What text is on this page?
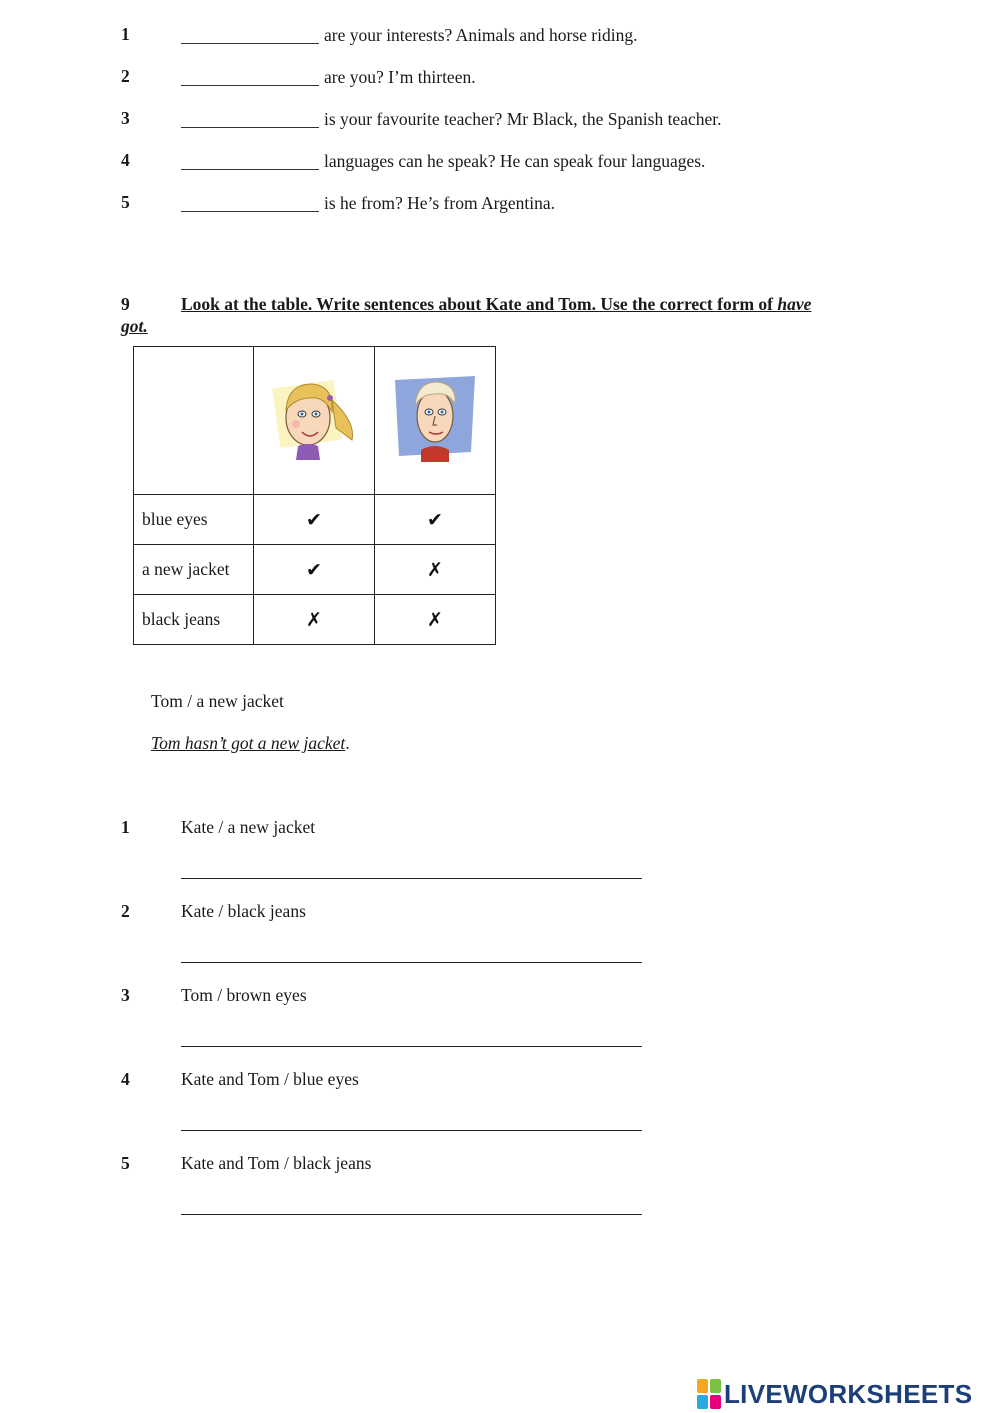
1	are your interests? Animals and horse riding.
2	are you? I’m thirteen.
3	is your favourite teacher? Mr Black, the Spanish teacher.
4	languages can he speak? He can speak four languages.
5	is he from? He’s from Argentina.
9	Look at the table. Write sentences about Kate and Tom. Use the correct form of have
got.

blue eyes	✔	✔
a new jacket	✔	✗
black jeans	✗	✗
Tom / a new jacket
Tom hasn’t got a new jacket.
1	Kate / a new jacket
2	Kate / black jeans
3	Tom / brown eyes
4	Kate and Tom / blue eyes
5	Kate and Tom / black jeans
LIVEWORKSHEETS
